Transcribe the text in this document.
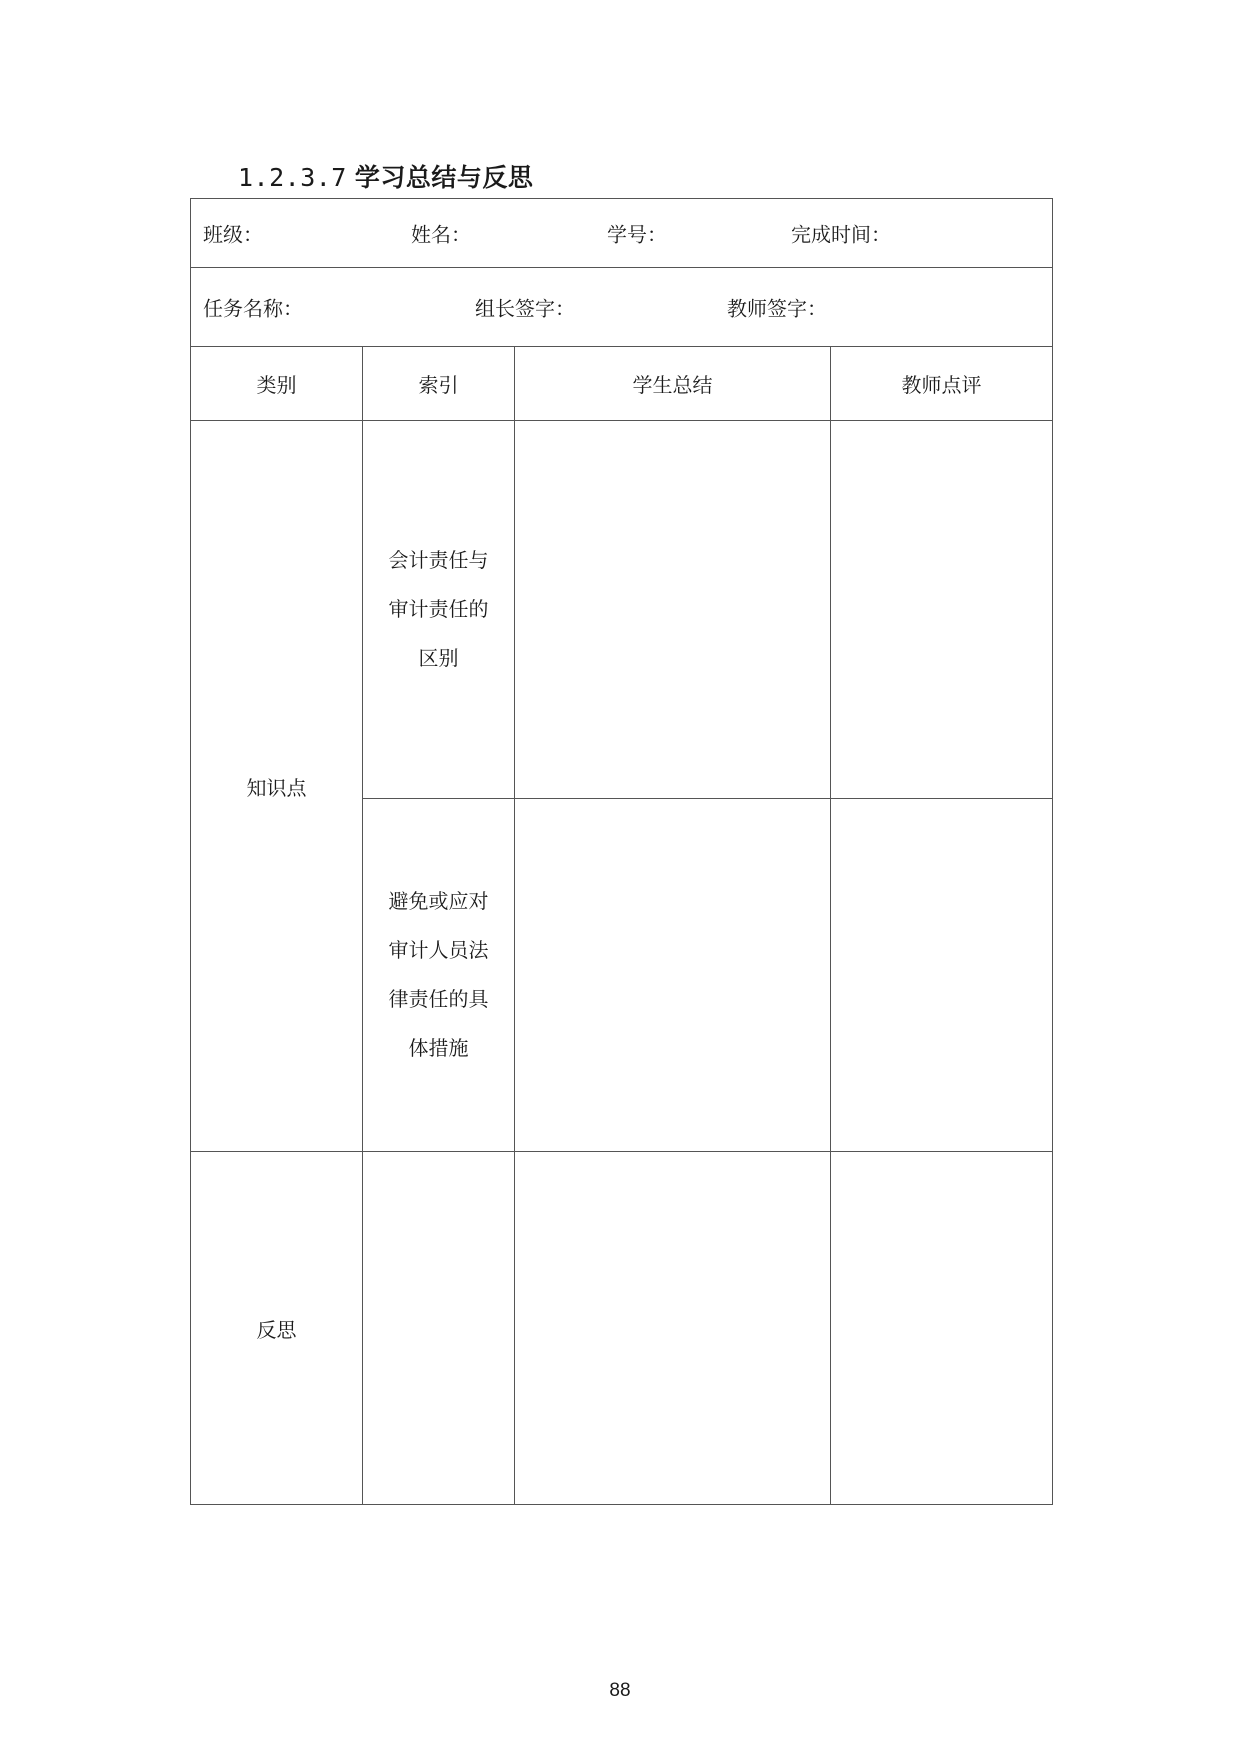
1.2.3.7 学习总结与反思
班级： 姓名： 学号： 完成时间：			

任务名称： 组长签字： 教师签字：			

类别	索引	学生总结	教师点评
知识点	会计责任与
审计责任的
区别		

	避免或应对
审计人员法
律责任的具
体措施		

反思			
88
